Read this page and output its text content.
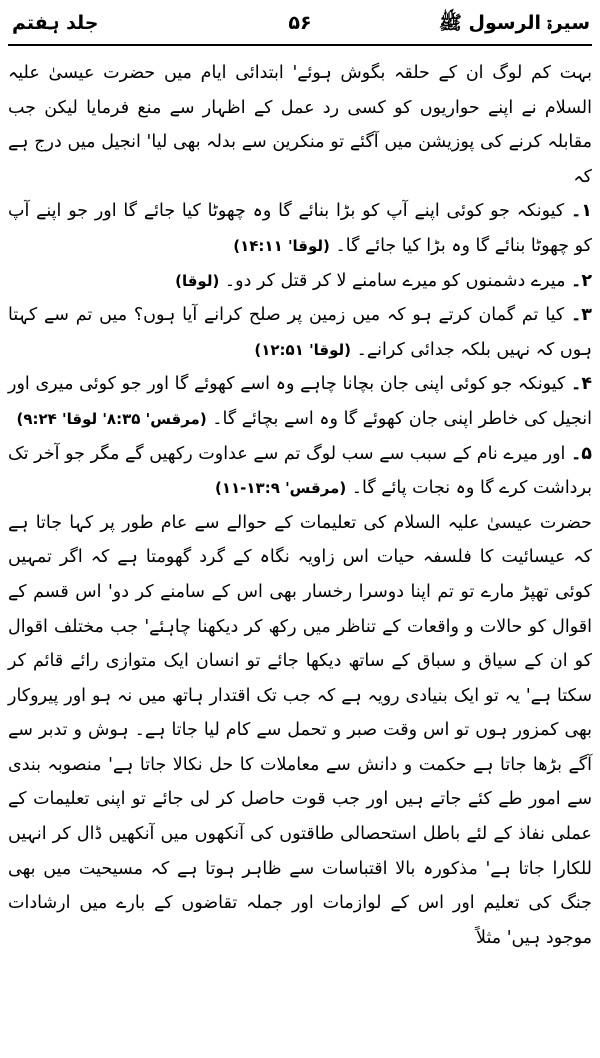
سیرۃ الرسول ﷺ
۵۶
جلد ہفتم

بہت کم لوگ ان کے حلقہ بگوش ہوئے' ابتدائی ایام میں حضرت عیسیٰ علیہ السلام نے اپنے حواریوں کو کسی رد عمل کے اظہار سے منع فرمایا لیکن جب مقابلہ کرنے کی پوزیشن میں آگئے تو منکرین سے بدلہ بھی لیا' انجیل میں درج ہے کہ

۱۔ کیونکہ جو کوئی اپنے آپ کو بڑا بنائے گا وہ چھوٹا کیا جائے گا اور جو اپنے آپ کو چھوٹا بنائے گا وہ بڑا کیا جائے گا۔ (لوقا' ۱۴:۱۱)

۲۔ میرے دشمنوں کو میرے سامنے لا کر قتل کر دو۔ (لوقا)

۳۔ کیا تم گمان کرتے ہو کہ میں زمین پر صلح کرانے آیا ہوں؟ میں تم سے کہتا ہوں کہ نہیں بلکہ جدائی کرانے۔ (لوقا' ۱۲:۵۱)

۴۔ کیونکہ جو کوئی اپنی جان بچانا چاہے وہ اسے کھوئے گا اور جو کوئی میری اور انجیل کی خاطر اپنی جان کھوئے گا وہ اسے بچائے گا۔ (مرقس' ۸:۳۵' لوقا' ۹:۲۴)

۵۔ اور میرے نام کے سبب سے سب لوگ تم سے عداوت رکھیں گے مگر جو آخر تک برداشت کرے گا وہ نجات پائے گا۔ (مرقس' ۱۳:۹-۱۱)

حضرت عیسیٰ علیہ السلام کی تعلیمات کے حوالے سے عام طور پر کہا جاتا ہے کہ عیسائیت کا فلسفہ حیات اس زاویہ نگاہ کے گرد گھومتا ہے کہ اگر تمہیں کوئی تھپڑ مارے تو تم اپنا دوسرا رخسار بھی اس کے سامنے کر دو' اس قسم کے اقوال کو حالات و واقعات کے تناظر میں رکھ کر دیکھنا چاہئے' جب مختلف اقوال کو ان کے سیاق و سباق کے ساتھ دیکھا جائے تو انسان ایک متوازی رائے قائم کر سکتا ہے' یہ تو ایک بنیادی رویہ ہے کہ جب تک اقتدار ہاتھ میں نہ ہو اور پیروکار بھی کمزور ہوں تو اس وقت صبر و تحمل سے کام لیا جاتا ہے۔ ہوش و تدبر سے آگے بڑھا جاتا ہے حکمت و دانش سے معاملات کا حل نکالا جاتا ہے' منصوبہ بندی سے امور طے کئے جاتے ہیں اور جب قوت حاصل کر لی جائے تو اپنی تعلیمات کے عملی نفاذ کے لئے باطل استحصالی طاقتوں کی آنکھوں میں آنکھیں ڈال کر انہیں للکارا جاتا ہے' مذکورہ بالا اقتباسات سے ظاہر ہوتا ہے کہ مسیحیت میں بھی جنگ کی تعلیم اور اس کے لوازمات اور جملہ تقاضوں کے بارے میں ارشادات موجود ہیں' مثلاً
